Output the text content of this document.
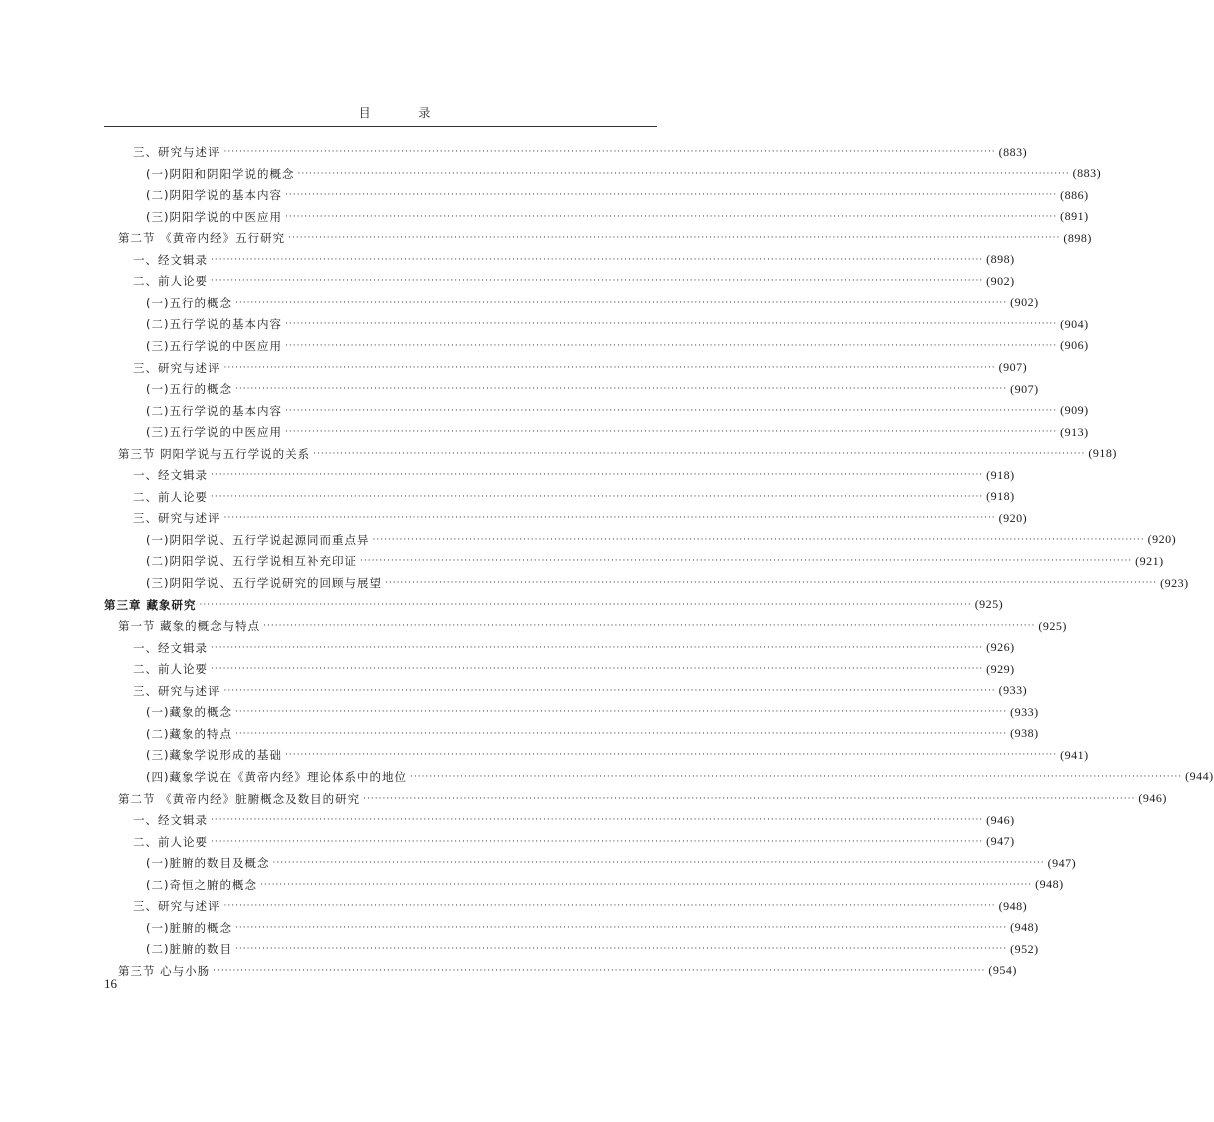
目 录
三、研究与述评 ········································································································································································································ (883)
(一)阴阳和阴阳学说的概念 ········································································································································································································ (883)
(二)阴阳学说的基本内容 ········································································································································································································ (886)
(三)阴阳学说的中医应用 ········································································································································································································ (891)
第二节 《黄帝内经》五行研究 ········································································································································································································ (898)
一、经文辑录 ········································································································································································································ (898)
二、前人论要 ········································································································································································································ (902)
(一)五行的概念 ········································································································································································································ (902)
(二)五行学说的基本内容 ········································································································································································································ (904)
(三)五行学说的中医应用 ········································································································································································································ (906)
三、研究与述评 ········································································································································································································ (907)
(一)五行的概念 ········································································································································································································ (907)
(二)五行学说的基本内容 ········································································································································································································ (909)
(三)五行学说的中医应用 ········································································································································································································ (913)
第三节 阴阳学说与五行学说的关系 ········································································································································································································ (918)
一、经文辑录 ········································································································································································································ (918)
二、前人论要 ········································································································································································································ (918)
三、研究与述评 ········································································································································································································ (920)
(一)阴阳学说、五行学说起源同而重点异 ········································································································································································································ (920)
(二)阴阳学说、五行学说相互补充印证 ········································································································································································································ (921)
(三)阴阳学说、五行学说研究的回顾与展望 ········································································································································································································ (923)
第三章 藏象研究 ········································································································································································································ (925)
第一节 藏象的概念与特点 ········································································································································································································ (925)
一、经文辑录 ········································································································································································································ (926)
二、前人论要 ········································································································································································································ (929)
三、研究与述评 ········································································································································································································ (933)
(一)藏象的概念 ········································································································································································································ (933)
(二)藏象的特点 ········································································································································································································ (938)
(三)藏象学说形成的基础 ········································································································································································································ (941)
(四)藏象学说在《黄帝内经》理论体系中的地位 ········································································································································································································ (944)
第二节 《黄帝内经》脏腑概念及数目的研究 ········································································································································································································ (946)
一、经文辑录 ········································································································································································································ (946)
二、前人论要 ········································································································································································································ (947)
(一)脏腑的数目及概念 ········································································································································································································ (947)
(二)奇恒之腑的概念 ········································································································································································································ (948)
三、研究与述评 ········································································································································································································ (948)
(一)脏腑的概念 ········································································································································································································ (948)
(二)脏腑的数目 ········································································································································································································ (952)
第三节 心与小肠 ········································································································································································································ (954)
16
